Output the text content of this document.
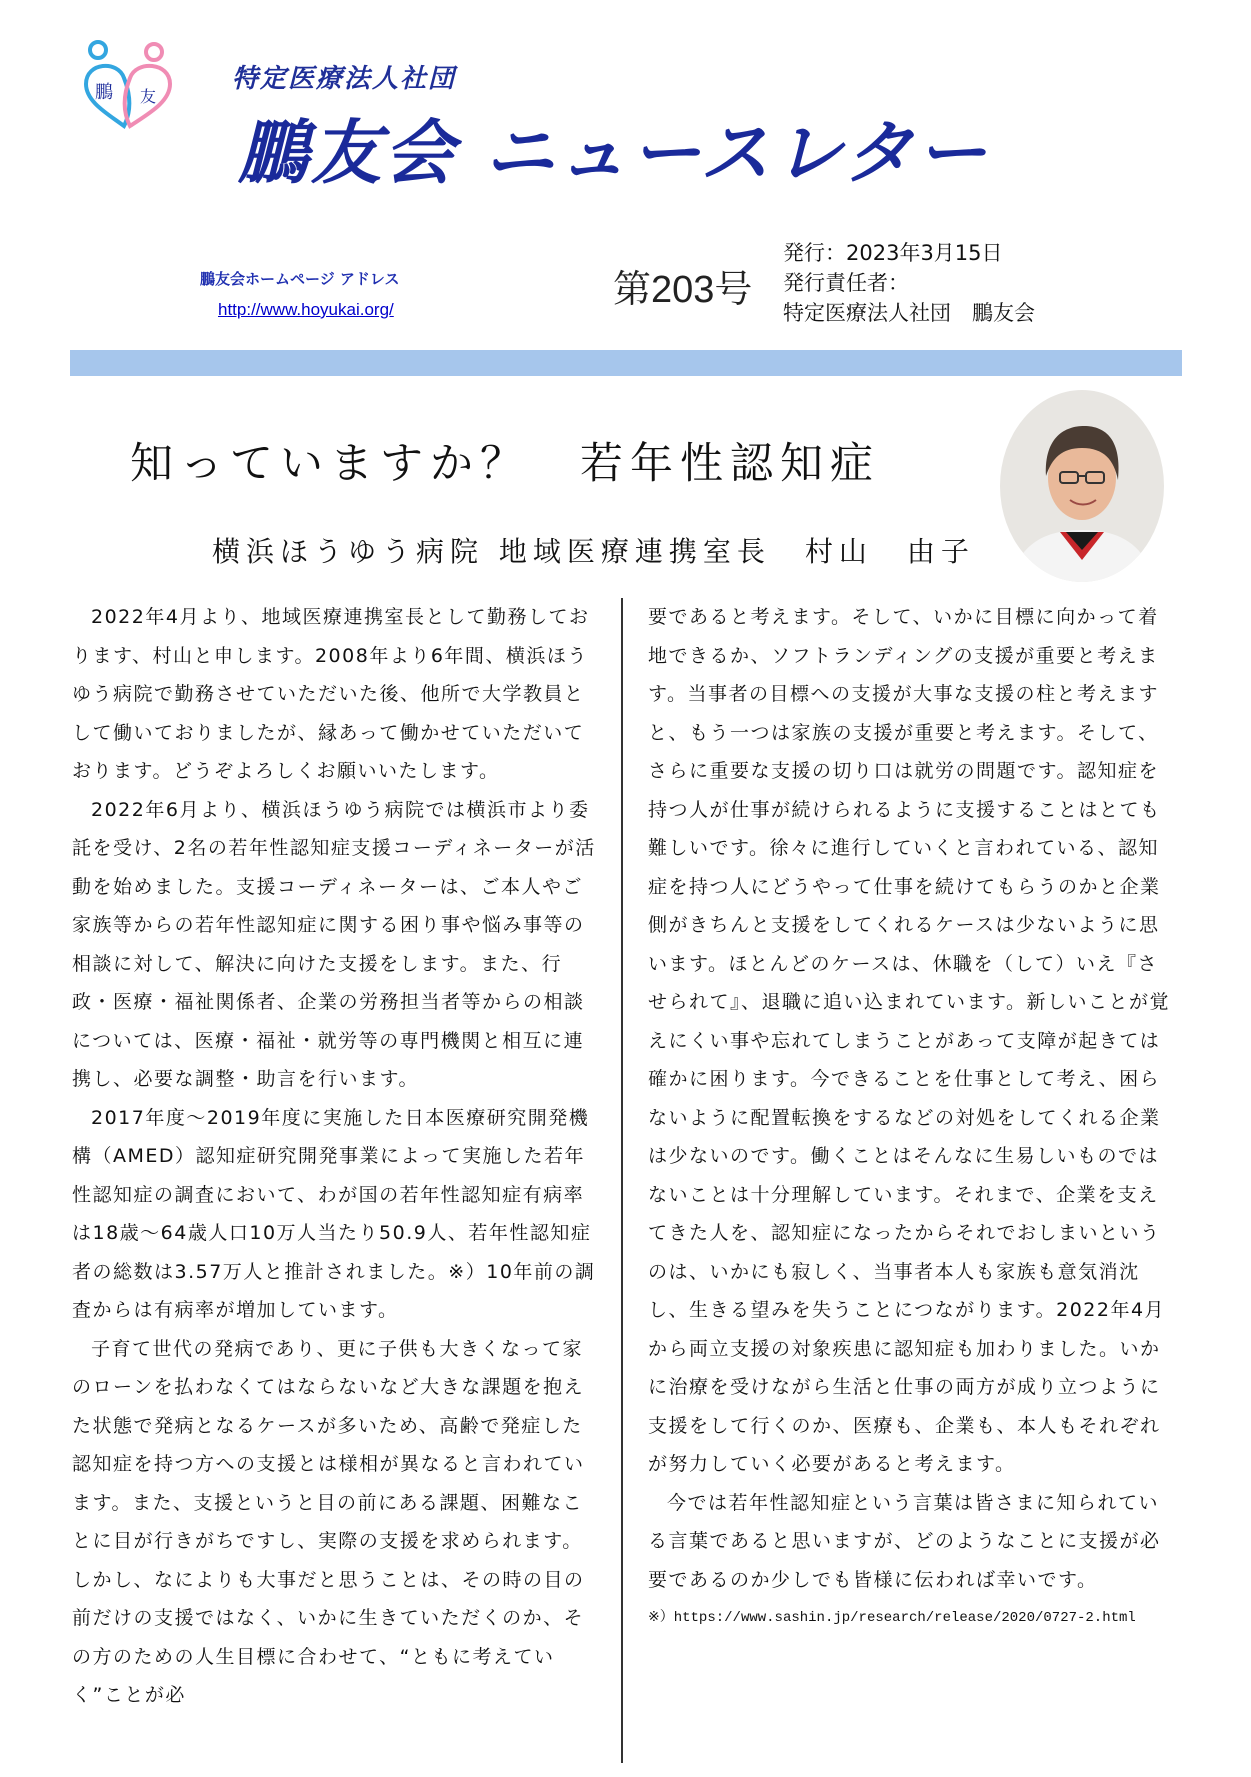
鵬 友
特定医療法人社団
鵬友会 ニュースレター
鵬友会ホームページ アドレス
http://www.hoyukai.org/	第203号
発行：2023年3月15日
発行責任者：
特定医療法人社団　鵬友会
知っていますか？　若年性認知症
横浜ほうゆう病院 地域医療連携室長　村山　由子

2022年4月より、地域医療連携室長として勤務しております、村山と申します。2008年より6年間、横浜ほうゆう病院で勤務させていただいた後、他所で大学教員として働いておりましたが、縁あって働かせていただいております。どうぞよろしくお願いいたします。

2022年6月より、横浜ほうゆう病院では横浜市より委託を受け、2名の若年性認知症支援コーディネーターが活動を始めました。支援コーディネーターは、ご本人やご家族等からの若年性認知症に関する困り事や悩み事等の相談に対して、解決に向けた支援をします。また、行政・医療・福祉関係者、企業の労務担当者等からの相談については、医療・福祉・就労等の専門機関と相互に連携し、必要な調整・助言を行います。

2017年度～2019年度に実施した日本医療研究開発機構（AMED）認知症研究開発事業によって実施した若年性認知症の調査において、わが国の若年性認知症有病率は18歳～64歳人口10万人当たり50.9人、若年性認知症者の総数は3.57万人と推計されました。※）10年前の調査からは有病率が増加しています。

子育て世代の発病であり、更に子供も大きくなって家のローンを払わなくてはならないなど大きな課題を抱えた状態で発病となるケースが多いため、高齢で発症した認知症を持つ方への支援とは様相が異なると言われています。また、支援というと目の前にある課題、困難なことに目が行きがちですし、実際の支援を求められます。しかし、なによりも大事だと思うことは、その時の目の前だけの支援ではなく、いかに生きていただくのか、その方のための人生目標に合わせて、“ともに考えていく”ことが必

要であると考えます。そして、いかに目標に向かって着地できるか、ソフトランディングの支援が重要と考えます。当事者の目標への支援が大事な支援の柱と考えますと、もう一つは家族の支援が重要と考えます。そして、さらに重要な支援の切り口は就労の問題です。認知症を持つ人が仕事が続けられるように支援することはとても難しいです。徐々に進行していくと言われている、認知症を持つ人にどうやって仕事を続けてもらうのかと企業側がきちんと支援をしてくれるケースは少ないように思います。ほとんどのケースは、休職を（して）いえ『させられて』、退職に追い込まれています。新しいことが覚えにくい事や忘れてしまうことがあって支障が起きては確かに困ります。今できることを仕事として考え、困らないように配置転換をするなどの対処をしてくれる企業は少ないのです。働くことはそんなに生易しいものではないことは十分理解しています。それまで、企業を支えてきた人を、認知症になったからそれでおしまいというのは、いかにも寂しく、当事者本人も家族も意気消沈し、生きる望みを失うことにつながります。2022年4月から両立支援の対象疾患に認知症も加わりました。いかに治療を受けながら生活と仕事の両方が成り立つように支援をして行くのか、医療も、企業も、本人もそれぞれが努力していく必要があると考えます。

今では若年性認知症という言葉は皆さまに知られている言葉であると思いますが、どのようなことに支援が必要であるのか少しでも皆様に伝われば幸いです。

※）https://www.sashin.jp/research/release/2020/0727-2.html
